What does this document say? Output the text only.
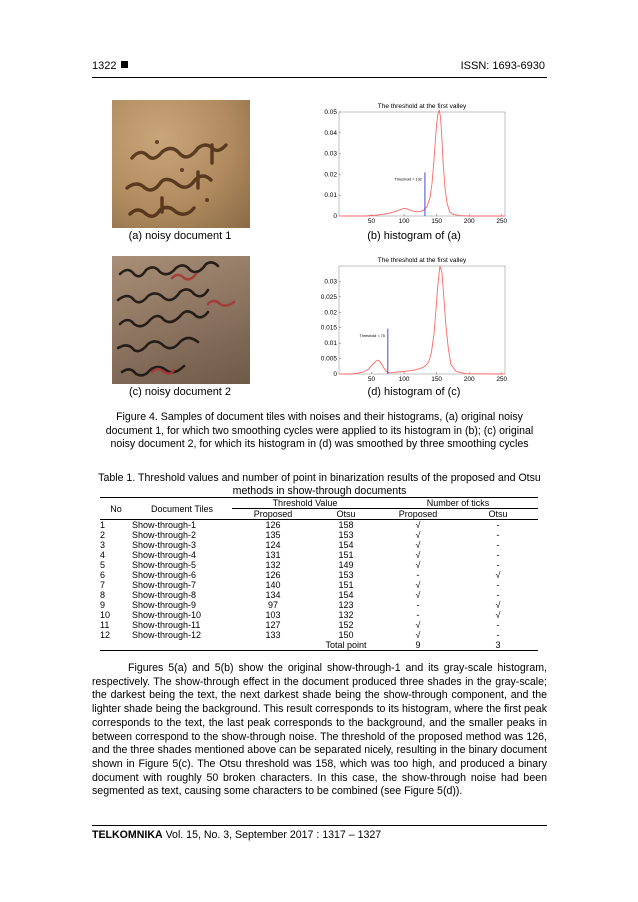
1322	ISSN: 1693-6930
(a) noisy document 1
The threshold at the first valley
50	100	150	200	250
0
0.01
0.02
0.03
0.04
0.05
Threshold = 132
(b) histogram of (a)
(c) noisy document 2
The threshold at the first valley
50	100	150	200	250
0
0.005
0.01
0.015
0.02
0.025
0.03
Threshold = 75
(d) histogram of (c)
Figure 4. Samples of document tiles with noises and their histograms, (a) original noisy document 1, for which two smoothing cycles were applied to its histogram in (b); (c) original noisy document 2, for which its histogram in (d) was smoothed by three smoothing cycles
Table 1. Threshold values and number of point in binarization results of the proposed and Otsu methods in show-through documents
No	Document Tiles	Threshold Value		Number of ticks	
		Proposed	Otsu	Proposed	Otsu
1	Show-through-1	126	158	√	-
2	Show-through-2	135	153	√	-
3	Show-through-3	124	154	√	-
4	Show-through-4	131	151	√	-
5	Show-through-5	132	149	√	-
6	Show-through-6	126	153	-	√
7	Show-through-7	140	151	√	-
8	Show-through-8	134	154	√	-
9	Show-through-9	97	123	-	√
10	Show-through-10	103	132	-	√
11	Show-through-11	127	152	√	-
12	Show-through-12	133	150	√	-
			Total point	9	3
Figures 5(a) and 5(b) show the original show-through-1 and its gray-scale histogram, respectively. The show-through effect in the document produced three shades in the gray-scale; the darkest being the text, the next darkest shade being the show-through component, and the lighter shade being the background. This result corresponds to its histogram, where the first peak corresponds to the text, the last peak corresponds to the background, and the smaller peaks in between correspond to the show-through noise. The threshold of the proposed method was 126, and the three shades mentioned above can be separated nicely, resulting in the binary document shown in Figure 5(c). The Otsu threshold was 158, which was too high, and produced a binary document with roughly 50 broken characters. In this case, the show-through noise had been segmented as text, causing some characters to be combined (see Figure 5(d)).
TELKOMNIKA Vol. 15, No. 3, September 2017 : 1317 – 1327
